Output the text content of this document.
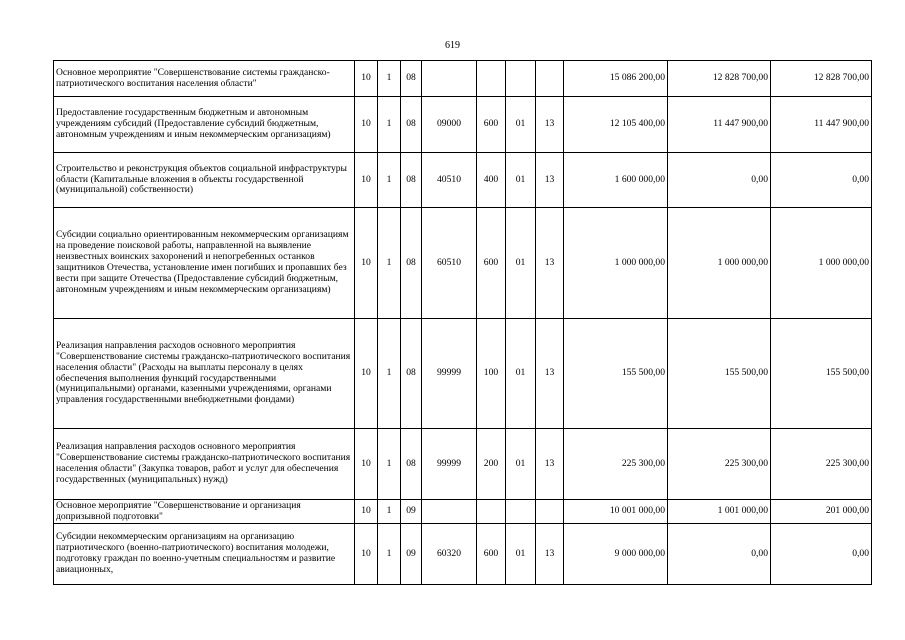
619
Основное мероприятие "Совершенствование системы гражданско-патриотического воспитания населения области"	10	1	08					15 086 200,00	12 828 700,00	12 828 700,00
Предоставление государственным бюджетным и автономным учреждениям субсидий (Предоставление субсидий бюджетным, автономным учреждениям и иным некоммерческим организациям)	10	1	08	09000	600	01	13	12 105 400,00	11 447 900,00	11 447 900,00
Строительство и реконструкция объектов социальной инфраструктуры области (Капитальные вложения в объекты государственной (муниципальной) собственности)	10	1	08	40510	400	01	13	1 600 000,00	0,00	0,00
Субсидии социально ориентированным некоммерческим организациям на проведение поисковой работы, направленной на выявление неизвестных воинских захоронений и непогребенных останков защитников Отечества, установление имен погибших и пропавших без вести при защите Отечества (Предоставление субсидий бюджетным, автономным учреждениям и иным некоммерческим организациям)	10	1	08	60510	600	01	13	1 000 000,00	1 000 000,00	1 000 000,00
Реализация направления расходов основного мероприятия "Совершенствование системы гражданско-патриотического воспитания населения области" (Расходы на выплаты персоналу в целях обеспечения выполнения функций государственными (муниципальными) органами, казенными учреждениями, органами управления государственными внебюджетными фондами)	10	1	08	99999	100	01	13	155 500,00	155 500,00	155 500,00
Реализация направления расходов основного мероприятия "Совершенствование системы гражданско-патриотического воспитания населения области" (Закупка товаров, работ и услуг для обеспечения государственных (муниципальных) нужд)	10	1	08	99999	200	01	13	225 300,00	225 300,00	225 300,00
Основное мероприятие "Совершенствование и организация допризывной подготовки"	10	1	09					10 001 000,00	1 001 000,00	201 000,00
Субсидии некоммерческим организациям на организацию патриотического (военно-патриотического) воспитания молодежи, подготовку граждан по военно-учетным специальностям и развитие авиационных,	10	1	09	60320	600	01	13	9 000 000,00	0,00	0,00
